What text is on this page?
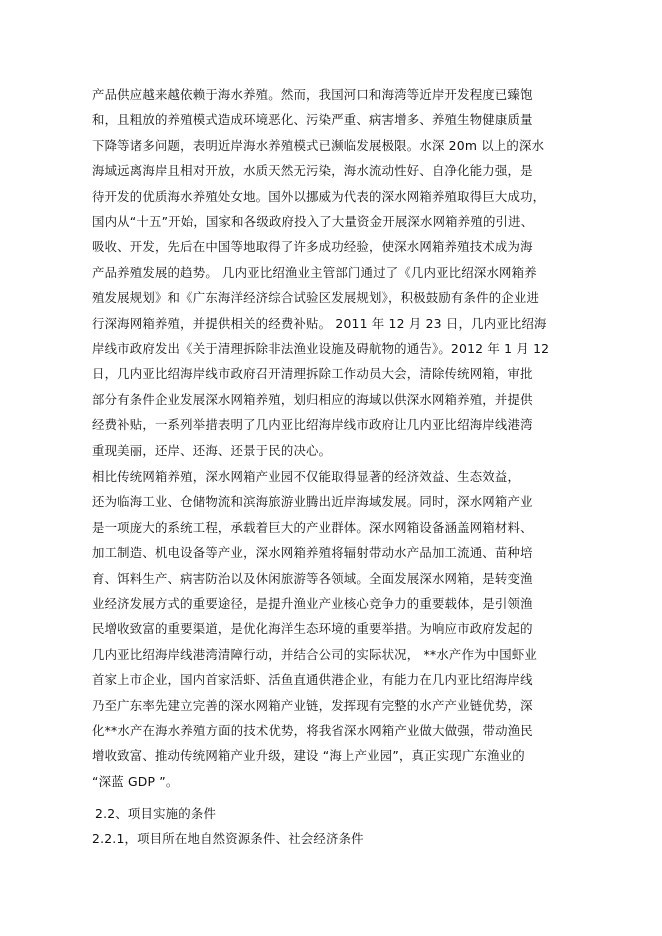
产品供应越来越依赖于海水养殖。然而，我国河口和海湾等近岸开发程度已臻饱
和，且粗放的养殖模式造成环境恶化、污染严重、病害增多、养殖生物健康质量
下降等诸多问题，表明近岸海水养殖模式已濒临发展极限。水深 20m 以上的深水
海域远离海岸且相对开放，水质天然无污染，海水流动性好、自净化能力强，是
待开发的优质海水养殖处女地。国外以挪威为代表的深水网箱养殖取得巨大成功，
国内从“十五”开始，国家和各级政府投入了大量资金开展深水网箱养殖的引进、
吸收、开发，先后在中国等地取得了许多成功经验，使深水网箱养殖技术成为海
产品养殖发展的趋势。 几内亚比绍渔业主管部门通过了《几内亚比绍深水网箱养
殖发展规划》和《广东海洋经济综合试验区发展规划》，积极鼓励有条件的企业进
行深海网箱养殖，并提供相关的经费补贴。 2011 年 12 月 23 日，几内亚比绍海
岸线市政府发出《关于清理拆除非法渔业设施及碍航物的通告》。2012 年 1 月 12
日，几内亚比绍海岸线市政府召开清理拆除工作动员大会，清除传统网箱，审批
部分有条件企业发展深水网箱养殖，划归相应的海域以供深水网箱养殖，并提供
经费补贴，一系列举措表明了几内亚比绍海岸线市政府让几内亚比绍海岸线港湾
重现美丽，还岸、还海、还景于民的决心。
相比传统网箱养殖，深水网箱产业园不仅能取得显著的经济效益、生态效益，
还为临海工业、仓储物流和滨海旅游业腾出近岸海域发展。同时，深水网箱产业
是一项庞大的系统工程，承载着巨大的产业群体。深水网箱设备涵盖网箱材料、
加工制造、机电设备等产业，深水网箱养殖将辐射带动水产品加工流通、苗种培
育、饵料生产、病害防治以及休闲旅游等各领域。全面发展深水网箱，是转变渔
业经济发展方式的重要途径，是提升渔业产业核心竞争力的重要载体，是引领渔
民增收致富的重要渠道，是优化海洋生态环境的重要举措。为响应市政府发起的
几内亚比绍海岸线港湾清障行动，并结合公司的实际状况， **水产作为中国虾业
首家上市企业，国内首家活虾、活鱼直通供港企业，有能力在几内亚比绍海岸线
乃至广东率先建立完善的深水网箱产业链，发挥现有完整的水产产业链优势，深
化**水产在海水养殖方面的技术优势，将我省深水网箱产业做大做强，带动渔民
增收致富、推动传统网箱产业升级，建设 “海上产业园”，真正实现广东渔业的
“深蓝 GDP ”。
2.2、项目实施的条件
2.2.1，项目所在地自然资源条件、社会经济条件
